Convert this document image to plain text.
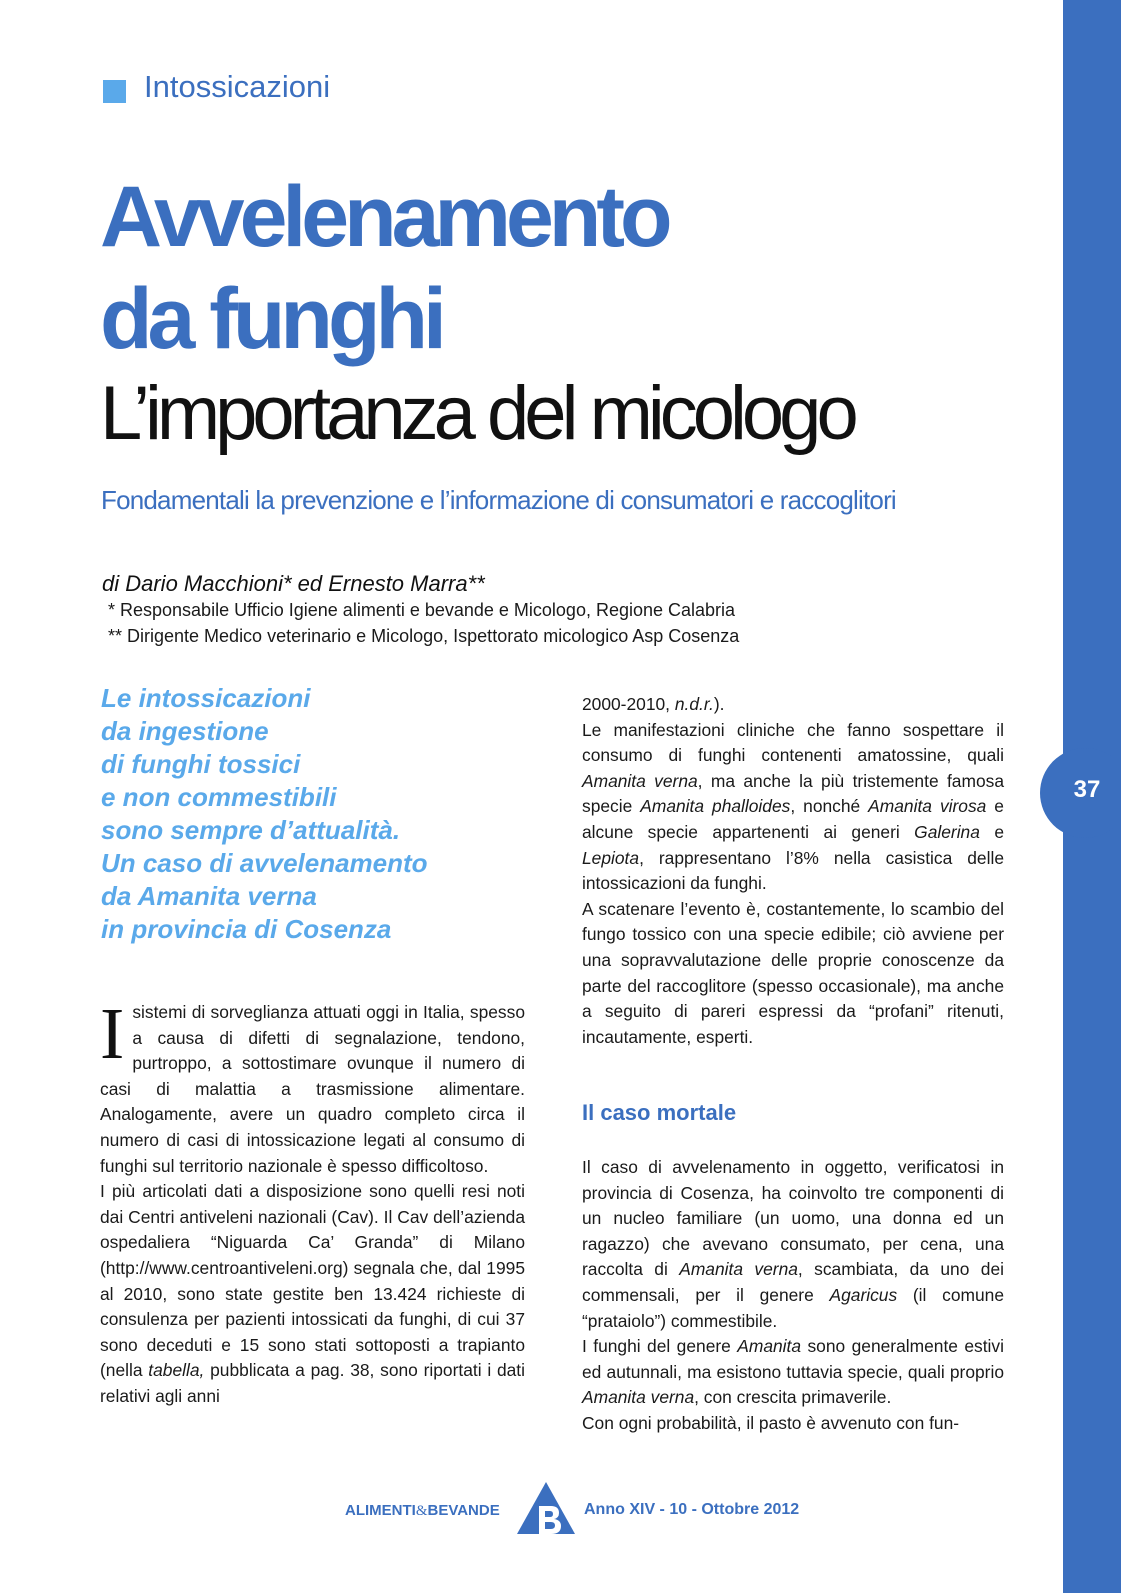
37
Intossicazioni
Avvelenamento
da funghi
L’importanza del micologo
Fondamentali la prevenzione e l’informazione di consumatori e raccoglitori
di Dario Macchioni* ed Ernesto Marra**
* Responsabile Ufficio Igiene alimenti e bevande e Micologo, Regione Calabria
** Dirigente Medico veterinario e Micologo, Ispettorato micologico Asp Cosenza
Le intossicazioni
da ingestione
di funghi tossici
e non commestibili
sono sempre d’attualità.
Un caso di avvelenamento
da Amanita verna
in provincia di Cosenza

Isistemi di sorveglianza attuati oggi in Italia, spesso a causa di difetti di segnalazione, tendono, purtroppo, a sottostimare ovunque il numero di casi di malattia a trasmissione alimentare. Analogamente, avere un quadro completo circa il numero di casi di intossicazione legati al consumo di funghi sul territorio nazionale è spesso difficoltoso.

I più articolati dati a disposizione sono quelli resi noti dai Centri antiveleni nazionali (Cav). Il Cav dell’azienda ospedaliera “Niguarda Ca’ Granda” di Milano (http://www.centroantiveleni.org) segnala che, dal 1995 al 2010, sono state gestite ben 13.424 richieste di consulenza per pazienti intossicati da funghi, di cui 37 sono deceduti e 15 sono stati sottoposti a trapianto (nella tabella, pubblicata a pag. 38, sono riportati i dati relativi agli anni

2000-2010, n.d.r.).

Le manifestazioni cliniche che fanno sospettare il consumo di funghi contenenti amatossine, quali Amanita verna, ma anche la più tristemente famosa specie Amanita phalloides, nonché Amanita virosa e alcune specie appartenenti ai generi Galerina e Lepiota, rappresentano l’8% nella casistica delle intossicazioni da funghi.

A scatenare l’evento è, costantemente, lo scambio del fungo tossico con una specie edibile; ciò avviene per una sopravvalutazione delle proprie conoscenze da parte del raccoglitore (spesso occasionale), ma anche a seguito di pareri espressi da “profani” ritenuti, incautamente, esperti.

Il caso mortale

Il caso di avvelenamento in oggetto, verificatosi in provincia di Cosenza, ha coinvolto tre componenti di un nucleo familiare (un uomo, una donna ed un ragazzo) che avevano consumato, per cena, una raccolta di Amanita verna, scambiata, da uno dei commensali, per il genere Agaricus (il comune “prataiolo”) commestibile.

I funghi del genere Amanita sono generalmente estivi ed autunnali, ma esistono tuttavia specie, quali proprio Amanita verna, con crescita primaverile.

Con ogni probabilità, il pasto è avvenuto con fun-

ALIMENTI&BEVANDE	Anno XIV - 10 - Ottobre 2012
